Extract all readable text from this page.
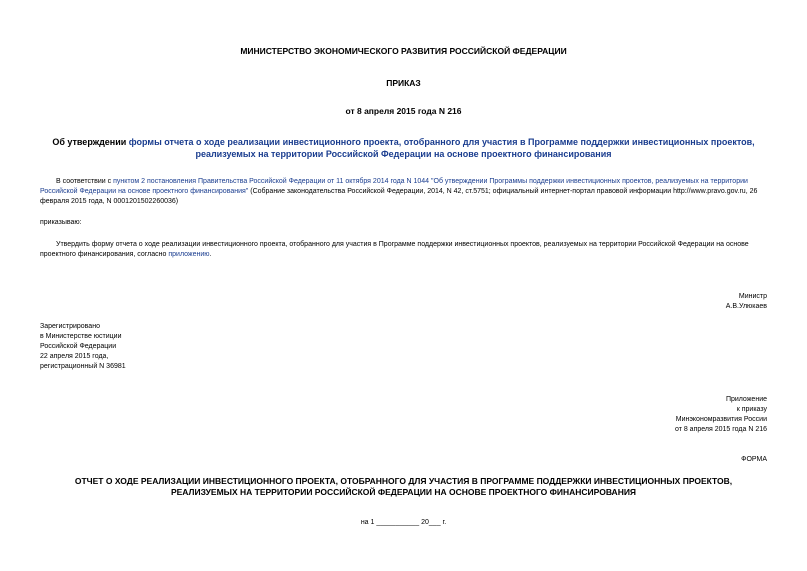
МИНИСТЕРСТВО ЭКОНОМИЧЕСКОГО РАЗВИТИЯ РОССИЙСКОЙ ФЕДЕРАЦИИ
ПРИКАЗ
от 8 апреля 2015 года N 216
Об утверждении формы отчета о ходе реализации инвестиционного проекта, отобранного для участия в Программе поддержки инвестиционных проектов, реализуемых на территории Российской Федерации на основе проектного финансирования
В соответствии с пунктом 2 постановления Правительства Российской Федерации от 11 октября 2014 года N 1044 "Об утверждении Программы поддержки инвестиционных проектов, реализуемых на территории Российской Федерации на основе проектного финансирования" (Собрание законодательства Российской Федерации, 2014, N 42, ст.5751; официальный интернет-портал правовой информации http://www.pravo.gov.ru, 26 февраля 2015 года, N 0001201502260036)
приказываю:
Утвердить форму отчета о ходе реализации инвестиционного проекта, отобранного для участия в Программе поддержки инвестиционных проектов, реализуемых на территории Российской Федерации на основе проектного финансирования, согласно приложению.
Министр
А.В.Улюкаев
Зарегистрировано
в Министерстве юстиции
Российской Федерации
22 апреля 2015 года,
регистрационный N 36981
Приложение
к приказу
Минэкономразвития России
от 8 апреля 2015 года N 216
ФОРМА
ОТЧЕТ О ХОДЕ РЕАЛИЗАЦИИ ИНВЕСТИЦИОННОГО ПРОЕКТА, ОТОБРАННОГО ДЛЯ УЧАСТИЯ В ПРОГРАММЕ ПОДДЕРЖКИ ИНВЕСТИЦИОННЫХ ПРОЕКТОВ,
РЕАЛИЗУЕМЫХ НА ТЕРРИТОРИИ РОССИЙСКОЙ ФЕДЕРАЦИИ НА ОСНОВЕ ПРОЕКТНОГО ФИНАНСИРОВАНИЯ
на 1 ___________ 20___ г.
